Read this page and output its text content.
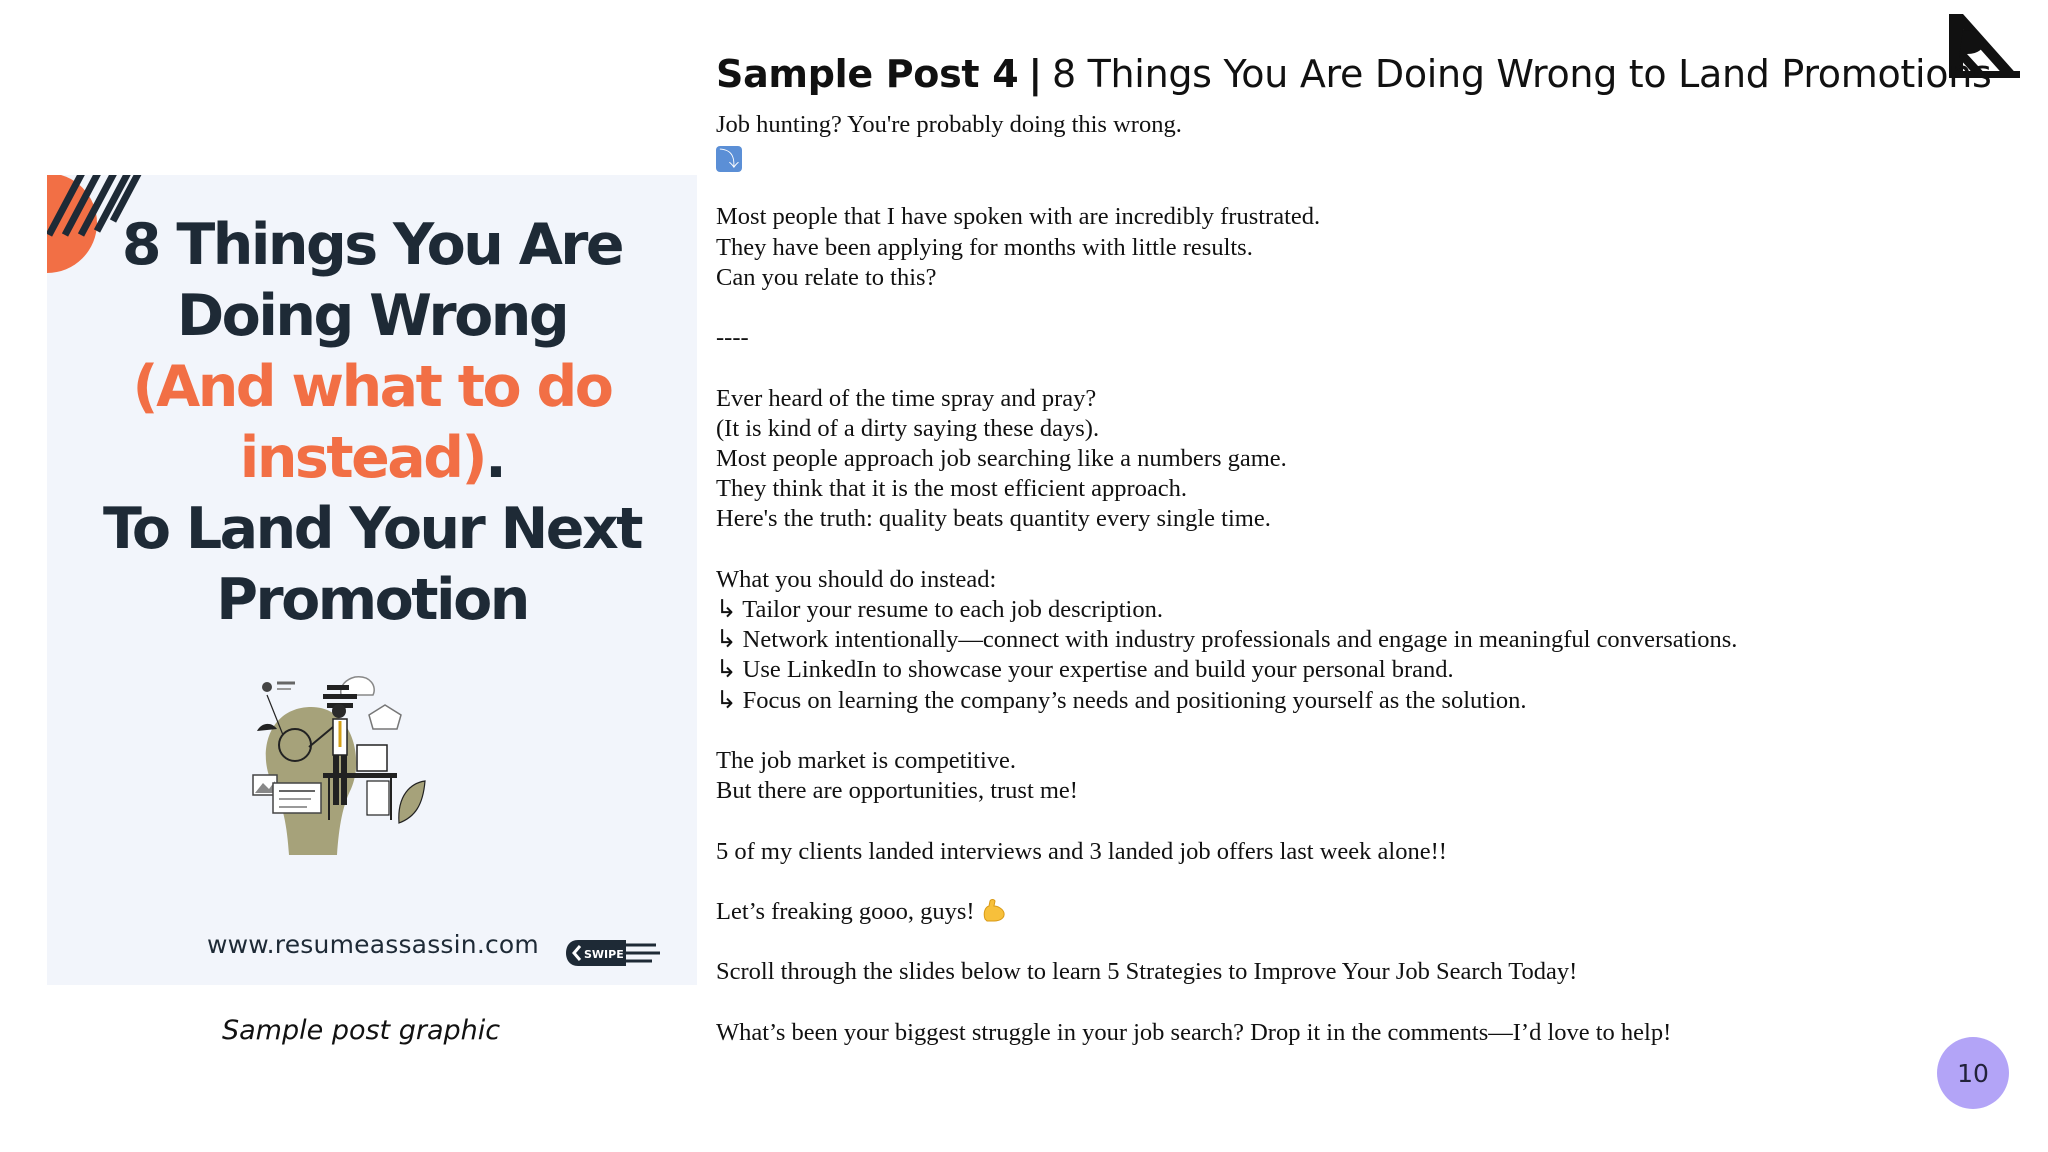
Sample Post 4 | 8 Things You Are Doing Wrong to Land Promotions
Job hunting? You're probably doing this wrong.
⤵
Most people that I have spoken with are incredibly frustrated.
They have been applying for months with little results.
Can you relate to this?
----
Ever heard of the time spray and pray?
(It is kind of a dirty saying these days).
Most people approach job searching like a numbers game.
They think that it is the most efficient approach.
Here's the truth: quality beats quantity every single time.
What you should do instead:
↳ Tailor your resume to each job description.
↳ Network intentionally—connect with industry professionals and engage in meaningful conversations.
↳ Use LinkedIn to showcase your expertise and build your personal brand.
↳ Focus on learning the company’s needs and positioning yourself as the solution.
The job market is competitive.
But there are opportunities, trust me!
5 of my clients landed interviews and 3 landed job offers last week alone!!
Let’s freaking gooo, guys!
Scroll through the slides below to learn 5 Strategies to Improve Your Job Search Today!
What’s been your biggest struggle in your job search? Drop it in the comments—I’d love to help!
8 Things You Are
Doing Wrong
(And what to do
instead).
To Land Your Next
Promotion
www.resumeassassin.com	SWIPE
Sample post graphic
10
